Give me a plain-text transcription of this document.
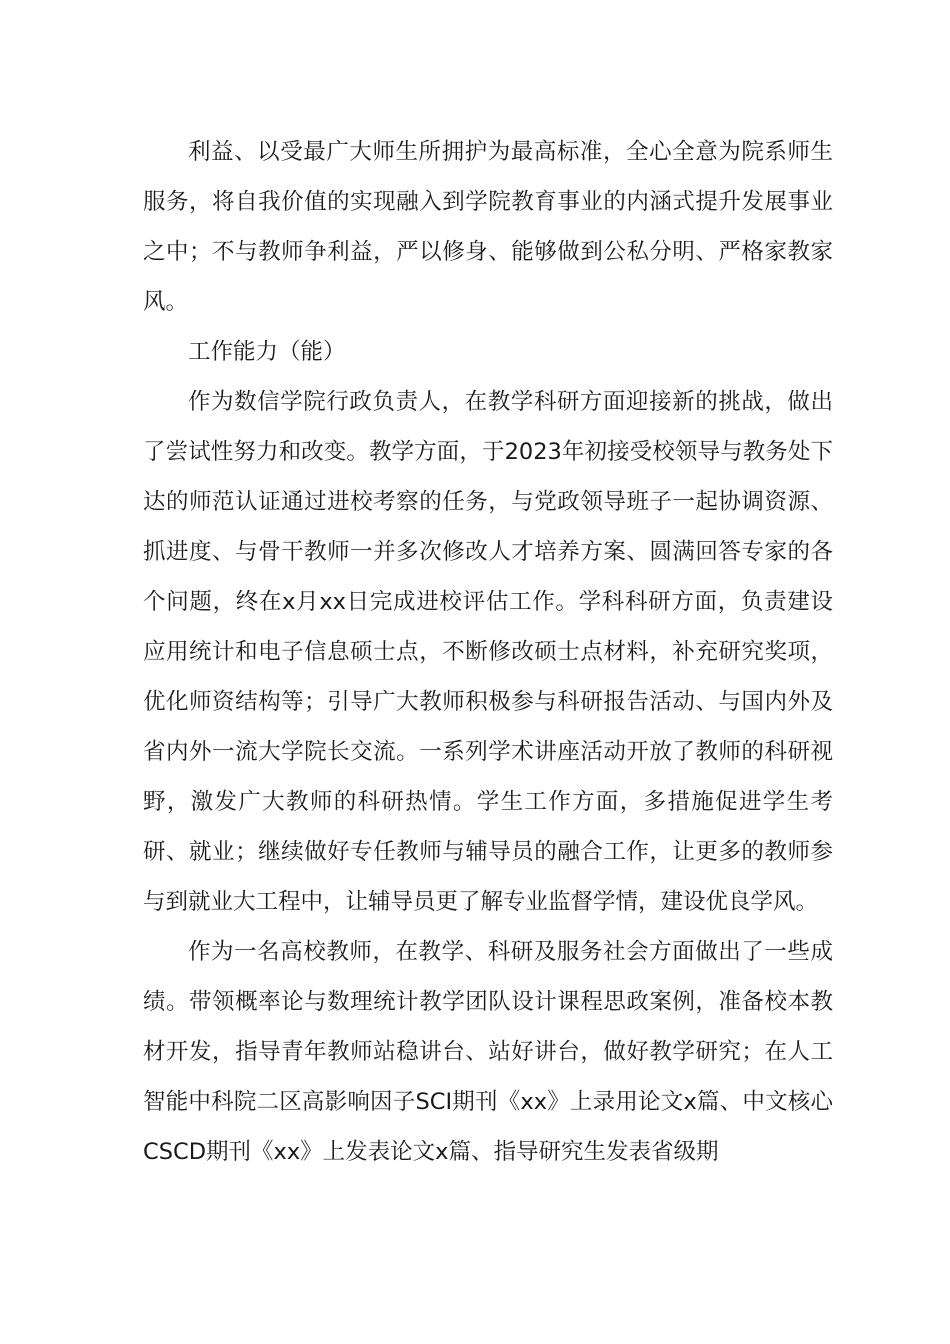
利益、以受最广大师生所拥护为最高标准，全心全意为院系师生服务，将自我价值的实现融入到学院教育事业的内涵式提升发展事业之中；不与教师争利益，严以修身、能够做到公私分明、严格家教家风。

工作能力（能）

作为数信学院行政负责人，在教学科研方面迎接新的挑战，做出了尝试性努力和改变。教学方面，于2023年初接受校领导与教务处下达的师范认证通过进校考察的任务，与党政领导班子一起协调资源、抓进度、与骨干教师一并多次修改人才培养方案、圆满回答专家的各个问题，终在x月xx日完成进校评估工作。学科科研方面，负责建设应用统计和电子信息硕士点，不断修改硕士点材料，补充研究奖项，优化师资结构等；引导广大教师积极参与科研报告活动、与国内外及省内外一流大学院长交流。一系列学术讲座活动开放了教师的科研视野，激发广大教师的科研热情。学生工作方面，多措施促进学生考研、就业；继续做好专任教师与辅导员的融合工作，让更多的教师参与到就业大工程中，让辅导员更了解专业监督学情，建设优良学风。

作为一名高校教师，在教学、科研及服务社会方面做出了一些成绩。带领概率论与数理统计教学团队设计课程思政案例，准备校本教材开发，指导青年教师站稳讲台、站好讲台，做好教学研究；在人工智能中科院二区高影响因子SCI期刊《xx》上录用论文x篇、中文核心CSCD期刊《xx》上发表论文x篇、指导研究生发表省级期
